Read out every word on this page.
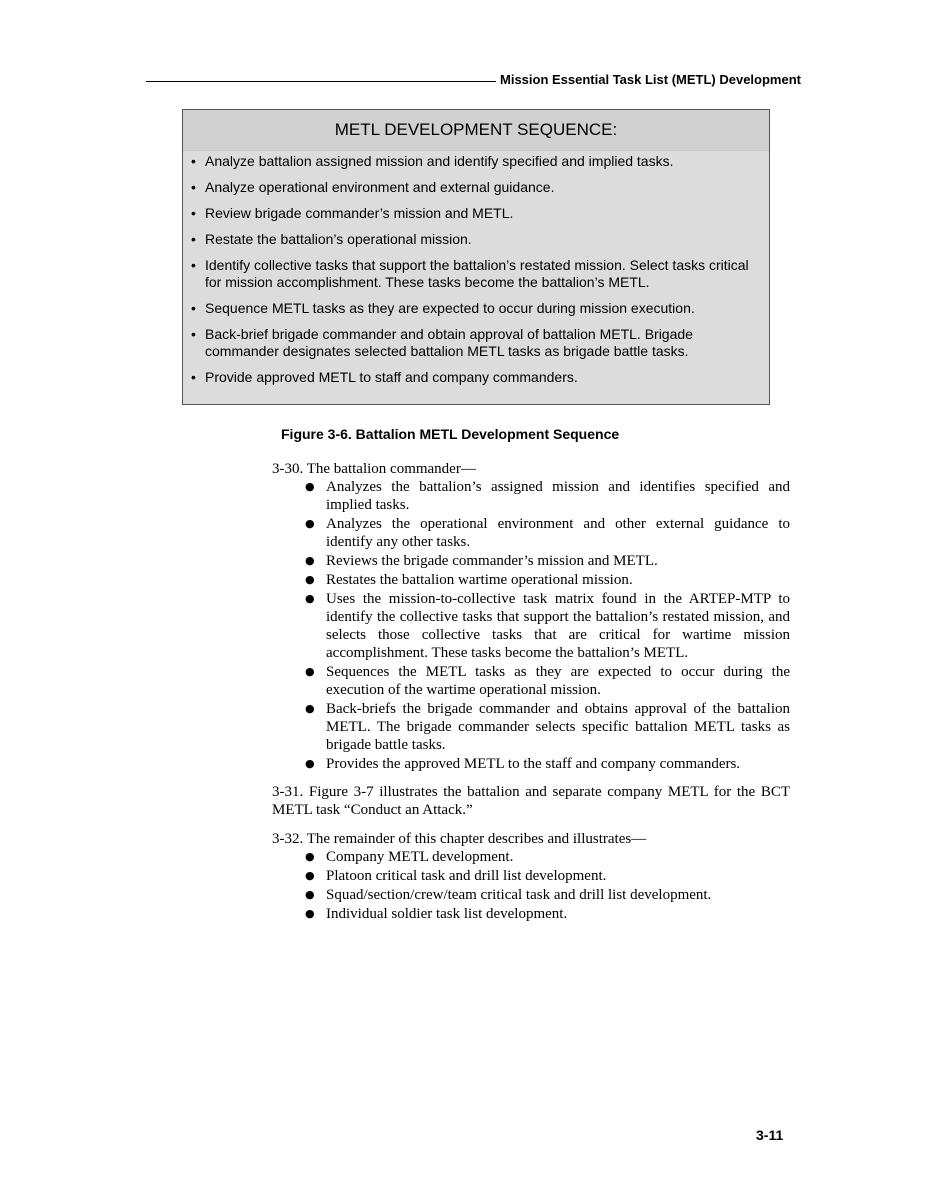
Mission Essential Task List (METL) Development
METL DEVELOPMENT SEQUENCE:
• Analyze battalion assigned mission and identify specified and implied tasks.
• Analyze operational environment and external guidance.
• Review brigade commander’s mission and METL.
• Restate the battalion’s operational mission.
• Identify collective tasks that support the battalion’s restated mission. Select tasks critical for mission accomplishment. These tasks become the battalion’s METL.
• Sequence METL tasks as they are expected to occur during mission execution.
• Back-brief brigade commander and obtain approval of battalion METL. Brigade commander designates selected battalion METL tasks as brigade battle tasks.
• Provide approved METL to staff and company commanders.
Figure 3-6. Battalion METL Development Sequence

3-30. The battalion commander—

● Analyzes the battalion’s assigned mission and identifies specified and implied tasks.
● Analyzes the operational environment and other external guidance to identify any other tasks.
● Reviews the brigade commander’s mission and METL.
● Restates the battalion wartime operational mission.
● Uses the mission-to-collective task matrix found in the ARTEP-MTP to identify the collective tasks that support the battalion’s restated mission, and selects those collective tasks that are critical for wartime mission accomplishment. These tasks become the battalion’s METL.
● Sequences the METL tasks as they are expected to occur during the execution of the wartime operational mission.
● Back-briefs the brigade commander and obtains approval of the battalion METL. The brigade commander selects specific battalion METL tasks as brigade battle tasks.
● Provides the approved METL to the staff and company commanders.

3-31. Figure 3-7 illustrates the battalion and separate company METL for the BCT METL task “Conduct an Attack.”

3-32. The remainder of this chapter describes and illustrates—

● Company METL development.
● Platoon critical task and drill list development.
● Squad/section/crew/team critical task and drill list development.
● Individual soldier task list development.
3-11
